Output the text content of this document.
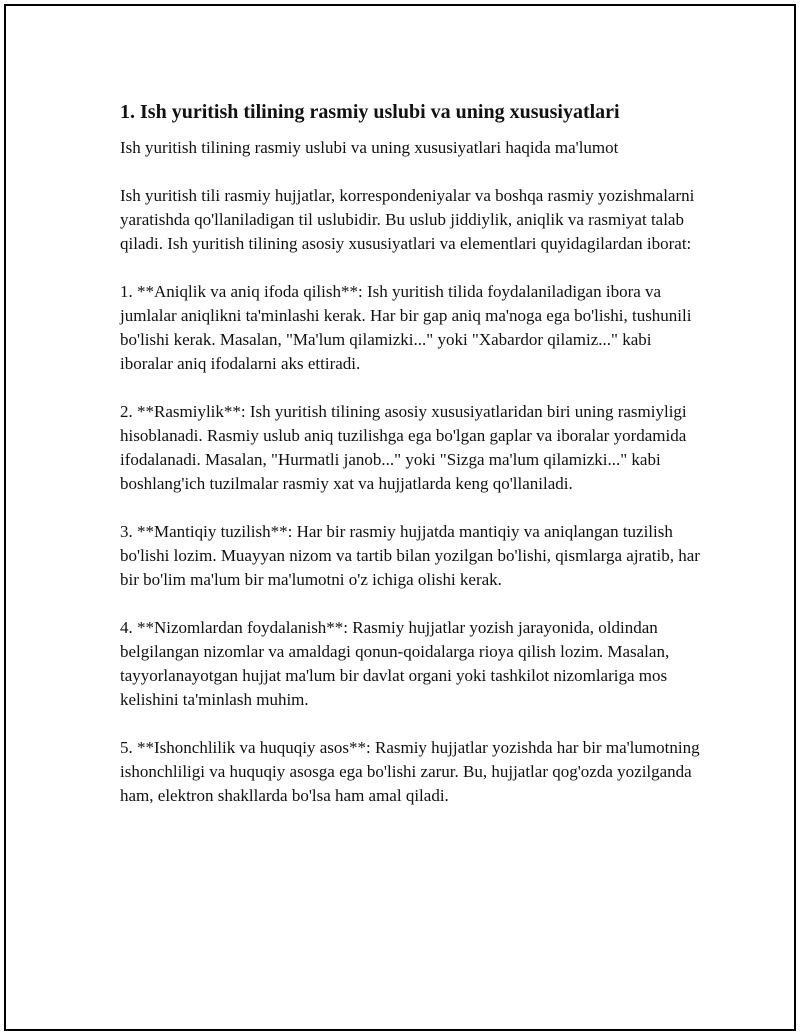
1. Ish yuritish tilining rasmiy uslubi va uning xususiyatlari

Ish yuritish tilining rasmiy uslubi va uning xususiyatlari haqida ma'lumot

Ish yuritish tili rasmiy hujjatlar, korrespondeniyalar va boshqa rasmiy yozishmalarni yaratishda qo'llaniladigan til uslubidir. Bu uslub jiddiylik, aniqlik va rasmiyat talab qiladi. Ish yuritish tilining asosiy xususiyatlari va elementlari quyidagilardan iborat:

1. **Aniqlik va aniq ifoda qilish**: Ish yuritish tilida foydalaniladigan ibora va jumlalar aniqlikni ta'minlashi kerak. Har bir gap aniq ma'noga ega bo'lishi, tushunili bo'lishi kerak. Masalan, "Ma'lum qilamizki..." yoki "Xabardor qilamiz..." kabi iboralar aniq ifodalarni aks ettiradi.

2. **Rasmiylik**: Ish yuritish tilining asosiy xususiyatlaridan biri uning rasmiyligi hisoblanadi. Rasmiy uslub aniq tuzilishga ega bo'lgan gaplar va iboralar yordamida ifodalanadi. Masalan, "Hurmatli janob..." yoki "Sizga ma'lum qilamizki..." kabi boshlang'ich tuzilmalar rasmiy xat va hujjatlarda keng qo'llaniladi.

3. **Mantiqiy tuzilish**: Har bir rasmiy hujjatda mantiqiy va aniqlangan tuzilish bo'lishi lozim. Muayyan nizom va tartib bilan yozilgan bo'lishi, qismlarga ajratib, har bir bo'lim ma'lum bir ma'lumotni o'z ichiga olishi kerak.

4. **Nizomlardan foydalanish**: Rasmiy hujjatlar yozish jarayonida, oldindan belgilangan nizomlar va amaldagi qonun-qoidalarga rioya qilish lozim. Masalan, tayyorlanayotgan hujjat ma'lum bir davlat organi yoki tashkilot nizomlariga mos kelishini ta'minlash muhim.

5. **Ishonchlilik va huquqiy asos**: Rasmiy hujjatlar yozishda har bir ma'lumotning ishonchliligi va huquqiy asosga ega bo'lishi zarur. Bu, hujjatlar qog'ozda yozilganda ham, elektron shakllarda bo'lsa ham amal qiladi.
